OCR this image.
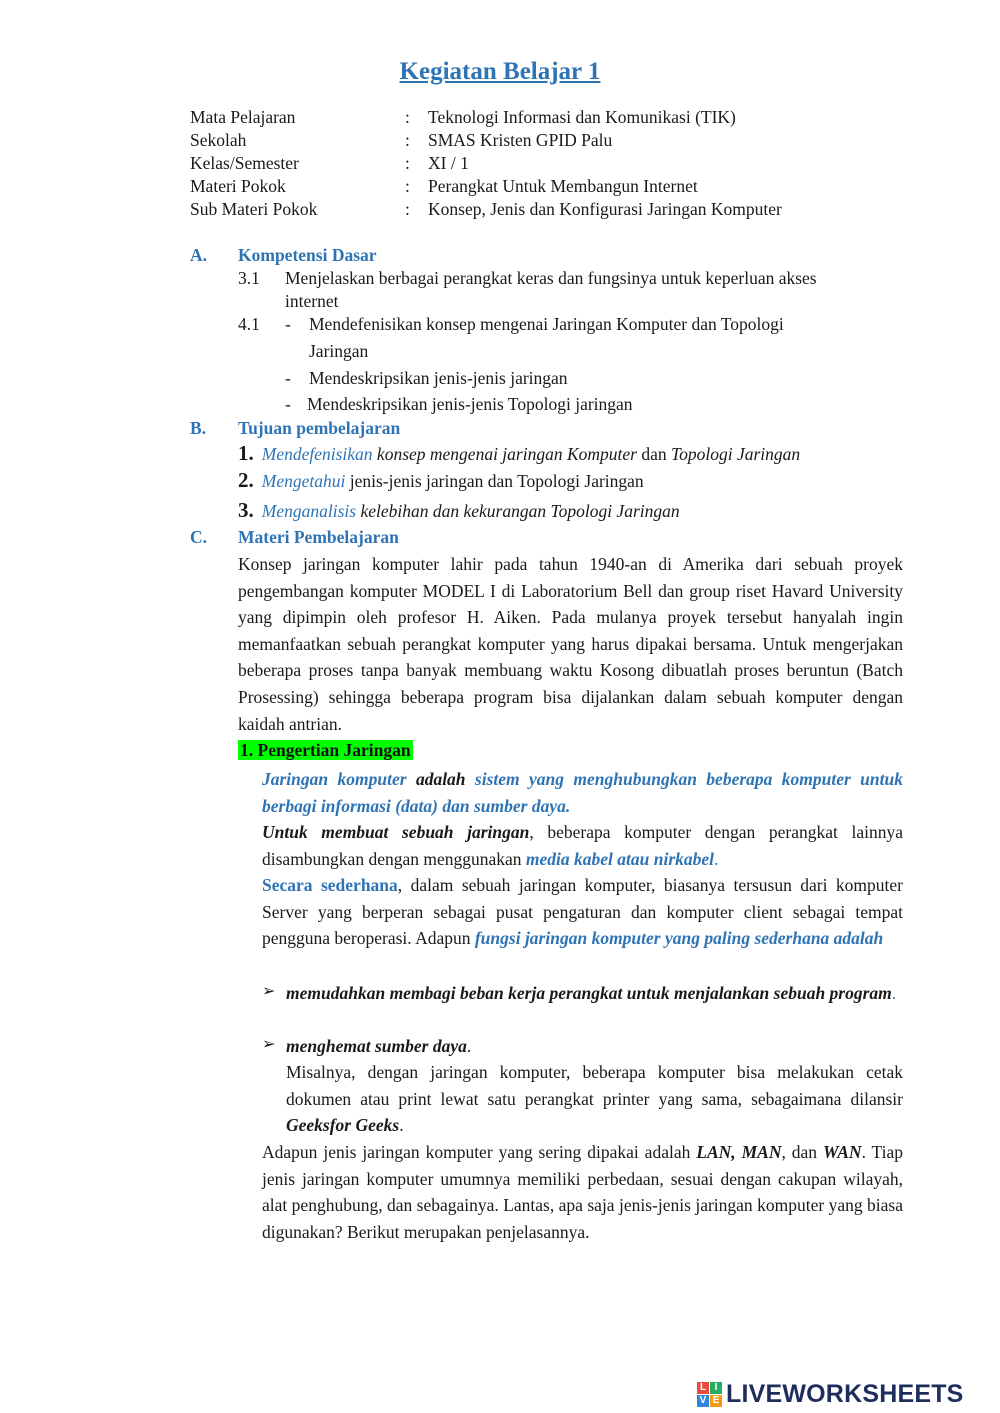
Kegiatan Belajar 1
Mata Pelajaran	: Teknologi Informasi dan Komunikasi (TIK)
Sekolah	: SMAS Kristen GPID Palu
Kelas/Semester	: XI / 1
Materi Pokok	: Perangkat Untuk Membangun Internet
Sub Materi Pokok	: Konsep, Jenis dan Konfigurasi Jaringan Komputer
A. Kompetensi Dasar
3.1 Menjelaskan berbagai perangkat keras dan fungsinya untuk keperluan akses
internet
4.1 - Mendefenisikan konsep mengenai Jaringan Komputer dan Topologi
Jaringan
- Mendeskripsikan jenis-jenis jaringan
- Mendeskripsikan jenis-jenis Topologi jaringan
B. Tujuan pembelajaran
1. Mendefenisikan konsep mengenai jaringan Komputer dan Topologi Jaringan
2. Mengetahui jenis-jenis jaringan dan Topologi Jaringan
3. Menganalisis kelebihan dan kekurangan Topologi Jaringan
C. Materi Pembelajaran
Konsep jaringan komputer lahir pada tahun 1940-an di Amerika dari sebuah proyek pengembangan komputer MODEL I di Laboratorium Bell dan group riset Havard University yang dipimpin oleh profesor H. Aiken. Pada mulanya proyek tersebut hanyalah ingin memanfaatkan sebuah perangkat komputer yang harus dipakai bersama. Untuk mengerjakan beberapa proses tanpa banyak membuang waktu Kosong dibuatlah proses beruntun (Batch Prosessing) sehingga beberapa program bisa dijalankan dalam sebuah komputer dengan kaidah antrian.
1. Pengertian Jaringan
Jaringan komputer adalah sistem yang menghubungkan beberapa komputer untuk berbagi informasi (data) dan sumber daya.
Untuk membuat sebuah jaringan, beberapa komputer dengan perangkat lainnya disambungkan dengan menggunakan media kabel atau nirkabel.
Secara sederhana, dalam sebuah jaringan komputer, biasanya tersusun dari komputer Server yang berperan sebagai pusat pengaturan dan komputer client sebagai tempat pengguna beroperasi. Adapun fungsi jaringan komputer yang paling sederhana adalah
➢ memudahkan membagi beban kerja perangkat untuk menjalankan sebuah program.
➢ menghemat sumber daya.
Misalnya, dengan jaringan komputer, beberapa komputer bisa melakukan cetak dokumen atau print lewat satu perangkat printer yang sama, sebagaimana dilansir Geeksfor Geeks.
Adapun jenis jaringan komputer yang sering dipakai adalah LAN, MAN, dan WAN. Tiap jenis jaringan komputer umumnya memiliki perbedaan, sesuai dengan cakupan wilayah, alat penghubung, dan sebagainya. Lantas, apa saja jenis-jenis jaringan komputer yang biasa digunakan? Berikut merupakan penjelasannya.
L I
V E LIVEWORKSHEETS
